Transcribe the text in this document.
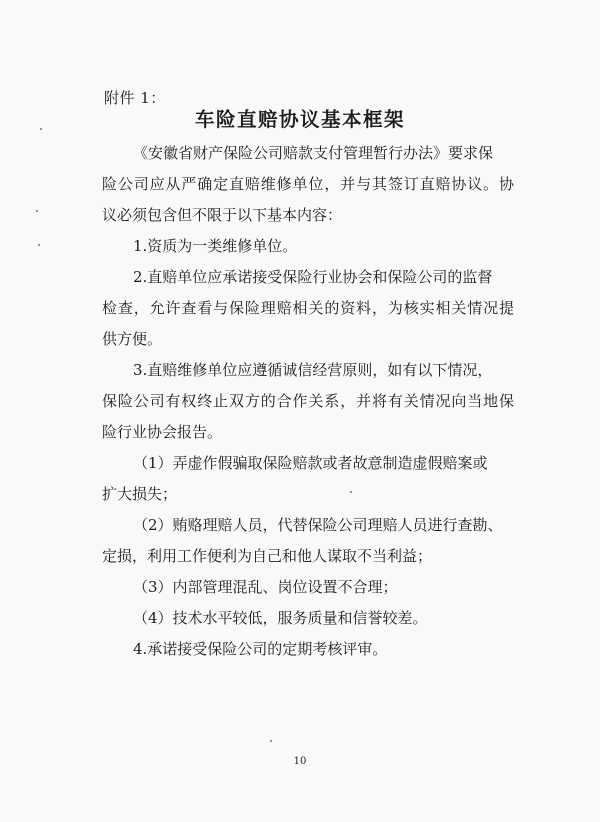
附件 1：
车险直赔协议基本框架
《安徽省财产保险公司赔款支付管理暂行办法》要求保
险公司应从严确定直赔维修单位，并与其签订直赔协议。协
议必须包含但不限于以下基本内容：
1.资质为一类维修单位。
2.直赔单位应承诺接受保险行业协会和保险公司的监督
检查，允许查看与保险理赔相关的资料，为核实相关情况提
供方便。
3.直赔维修单位应遵循诚信经营原则，如有以下情况，
保险公司有权终止双方的合作关系，并将有关情况向当地保
险行业协会报告。
（1）弄虚作假骗取保险赔款或者故意制造虚假赔案或
扩大损失；
（2）贿赂理赔人员，代替保险公司理赔人员进行查勘、
定损，利用工作便利为自己和他人谋取不当利益；
（3）内部管理混乱、岗位设置不合理；
（4）技术水平较低，服务质量和信誉较差。
4.承诺接受保险公司的定期考核评审。
10
